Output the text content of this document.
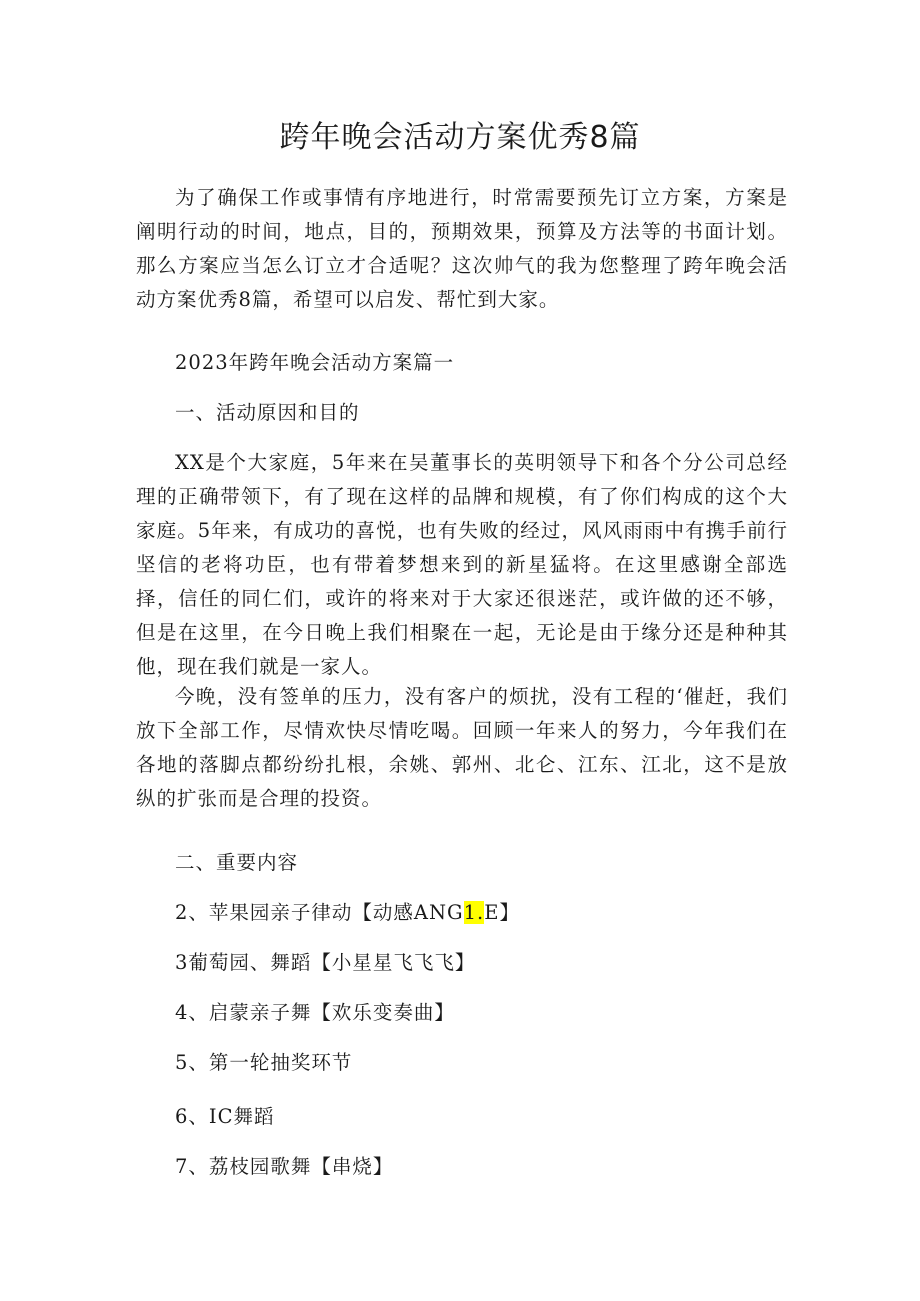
跨年晚会活动方案优秀8篇

为了确保工作或事情有序地进行，时常需要预先订立方案，方案是阐明行动的时间，地点，目的，预期效果，预算及方法等的书面计划。那么方案应当怎么订立才合适呢？这次帅气的我为您整理了跨年晚会活动方案优秀8篇，希望可以启发、帮忙到大家。

2023年跨年晚会活动方案篇一

一、活动原因和目的

XX是个大家庭，5年来在吴董事长的英明领导下和各个分公司总经理的正确带领下，有了现在这样的品牌和规模，有了你们构成的这个大家庭。5年来，有成功的喜悦，也有失败的经过，风风雨雨中有携手前行坚信的老将功臣，也有带着梦想来到的新星猛将。在这里感谢全部选择，信任的同仁们，或许的将来对于大家还很迷茫，或许做的还不够，但是在这里，在今日晚上我们相聚在一起，无论是由于缘分还是种种其他，现在我们就是一家人。

今晚，没有签单的压力，没有客户的烦扰，没有工程的‘催赶，我们放下全部工作，尽情欢快尽情吃喝。回顾一年来人的努力，今年我们在各地的落脚点都纷纷扎根，余姚、郭州、北仑、江东、江北，这不是放纵的扩张而是合理的投资。

二、重要内容

2、苹果园亲子律动【动感ANG1.E】

3葡萄园、舞蹈【小星星飞飞飞】

4、启蒙亲子舞【欢乐变奏曲】

5、第一轮抽奖环节

6、IC舞蹈

7、荔枝园歌舞【串烧】
